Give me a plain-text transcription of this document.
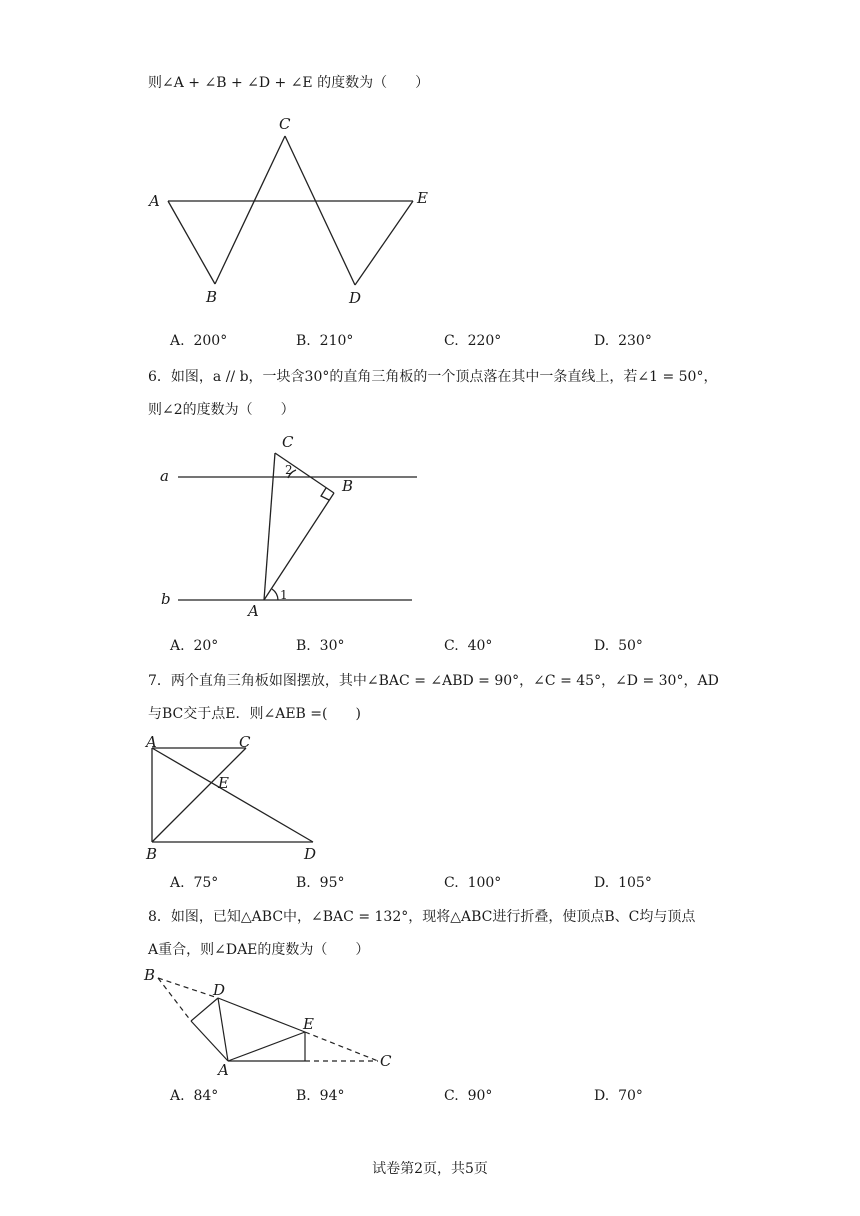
则∠A + ∠B + ∠D + ∠E 的度数为（　　）
A
B
C
D
E
a
b
C
B
A
1
2
A	C
E
B	D
B
D
E
A	C
A. 200°	B. 210°	C. 220°	D. 230°
6．如图，a // b，一块含30°的直角三角板的一个顶点落在其中一条直线上，若∠1 = 50°，
则∠2的度数为（　　）
A. 20°	B. 30°	C. 40°	D. 50°
7．两个直角三角板如图摆放，其中∠BAC = ∠ABD = 90°，∠C = 45°，∠D = 30°，AD
与BC交于点E．则∠AEB =(　　)
A. 75°	B. 95°	C. 100°	D. 105°
8．如图，已知△ABC中，∠BAC = 132°，现将△ABC进行折叠，使顶点B、C均与顶点
A重合，则∠DAE的度数为（　　）
A. 84°	B. 94°	C. 90°	D. 70°
试卷第2页，共5页
